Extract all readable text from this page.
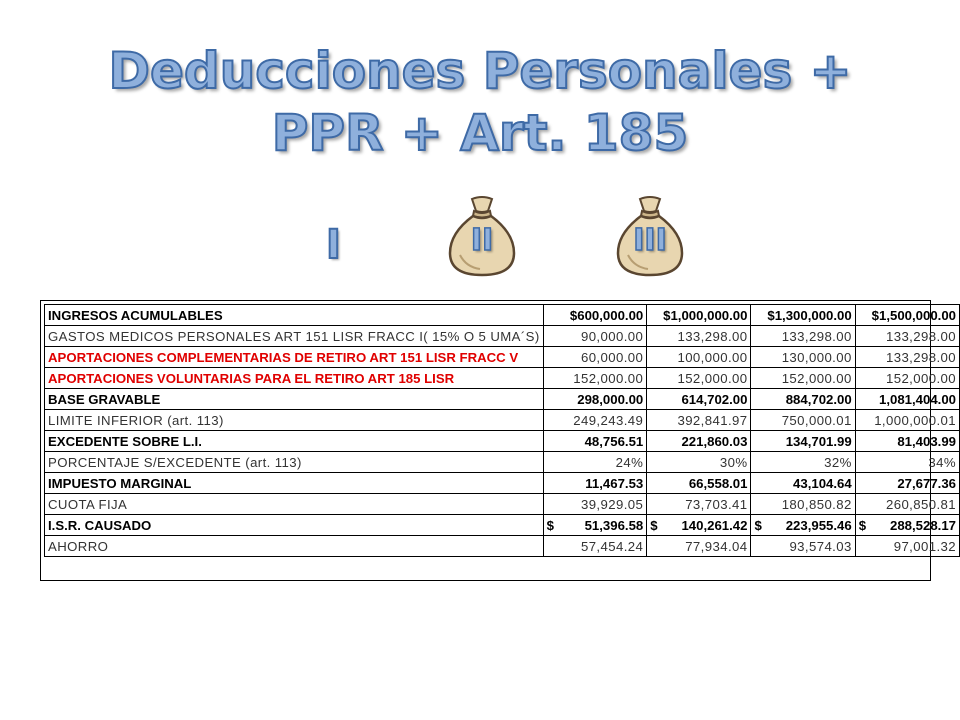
Deducciones Personales +
PPR + Art. 185
I	II	III
INGRESOS ACUMULABLES	$600,000.00	$1,000,000.00	$1,300,000.00	$1,500,000.00
GASTOS MEDICOS PERSONALES ART 151 LISR FRACC I( 15% O 5 UMA´S)	90,000.00	133,298.00	133,298.00	133,298.00
APORTACIONES COMPLEMENTARIAS DE RETIRO ART 151 LISR FRACC V	60,000.00	100,000.00	130,000.00	133,298.00
APORTACIONES VOLUNTARIAS PARA EL RETIRO ART 185 LISR	152,000.00	152,000.00	152,000.00	152,000.00
BASE GRAVABLE	298,000.00	614,702.00	884,702.00	1,081,404.00
LIMITE INFERIOR (art. 113)	249,243.49	392,841.97	750,000.01	1,000,000.01
EXCEDENTE SOBRE L.I.	48,756.51	221,860.03	134,701.99	81,403.99
PORCENTAJE S/EXCEDENTE (art. 113)	24%	30%	32%	34%
IMPUESTO MARGINAL	11,467.53	66,558.01	43,104.64	27,677.36
CUOTA FIJA	39,929.05	73,703.41	180,850.82	260,850.81
I.S.R. CAUSADO	$ 51,396.58	$ 140,261.42	$ 223,955.46	$ 288,528.17

AHORRO	57,454.24	77,934.04	93,574.03	97,001.32
